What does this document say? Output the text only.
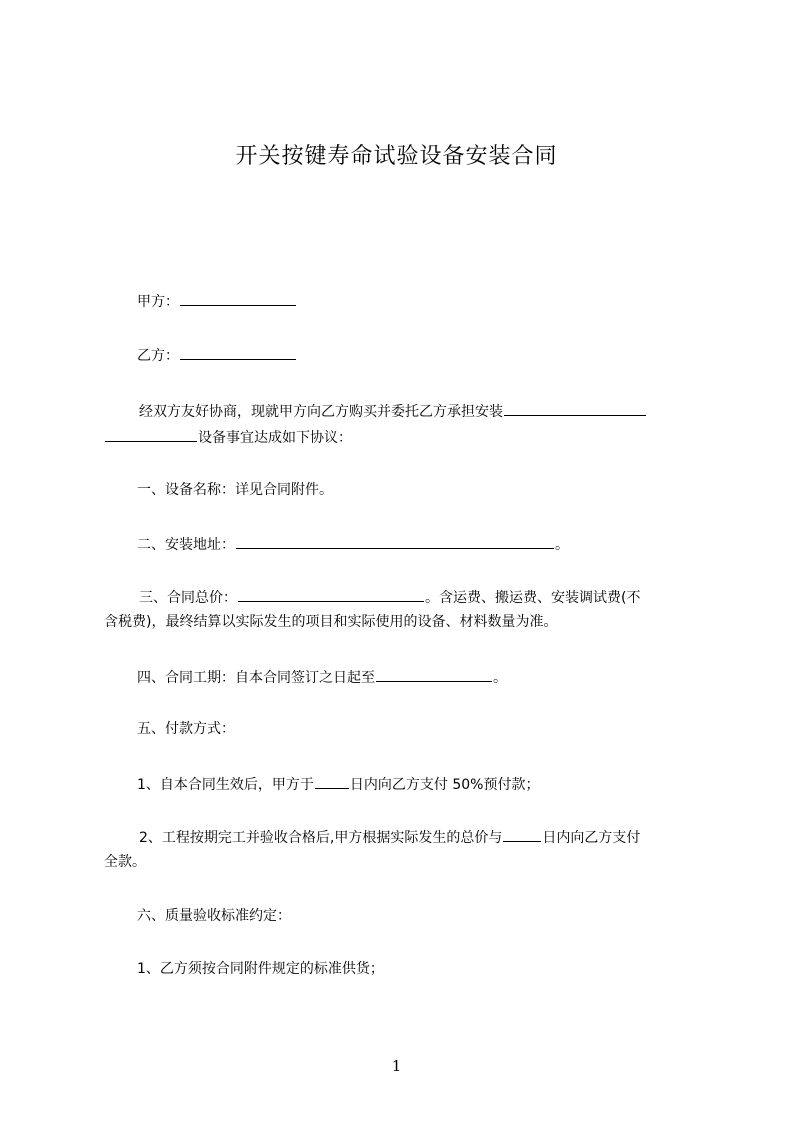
开关按键寿命试验设备安装合同

甲方：

乙方：

经双方友好协商，现就甲方向乙方购买并委托乙方承担安装

设备事宜达成如下协议：

一、设备名称：详见合同附件。

二、安装地址：	。

三、合同总价：	。含运费、搬运费、安装调试费(不

含税费)，最终结算以实际发生的项目和实际使用的设备、材料数量为准。

四、合同工期：自本合同签订之日起至	。

五、付款方式：

1、自本合同生效后，甲方于	日内向乙方支付 50%预付款；

2、工程按期完工并验收合格后,甲方根据实际发生的总价与	日内向乙方支付

全款。

六、质量验收标准约定：

1、乙方须按合同附件规定的标准供货；

1
